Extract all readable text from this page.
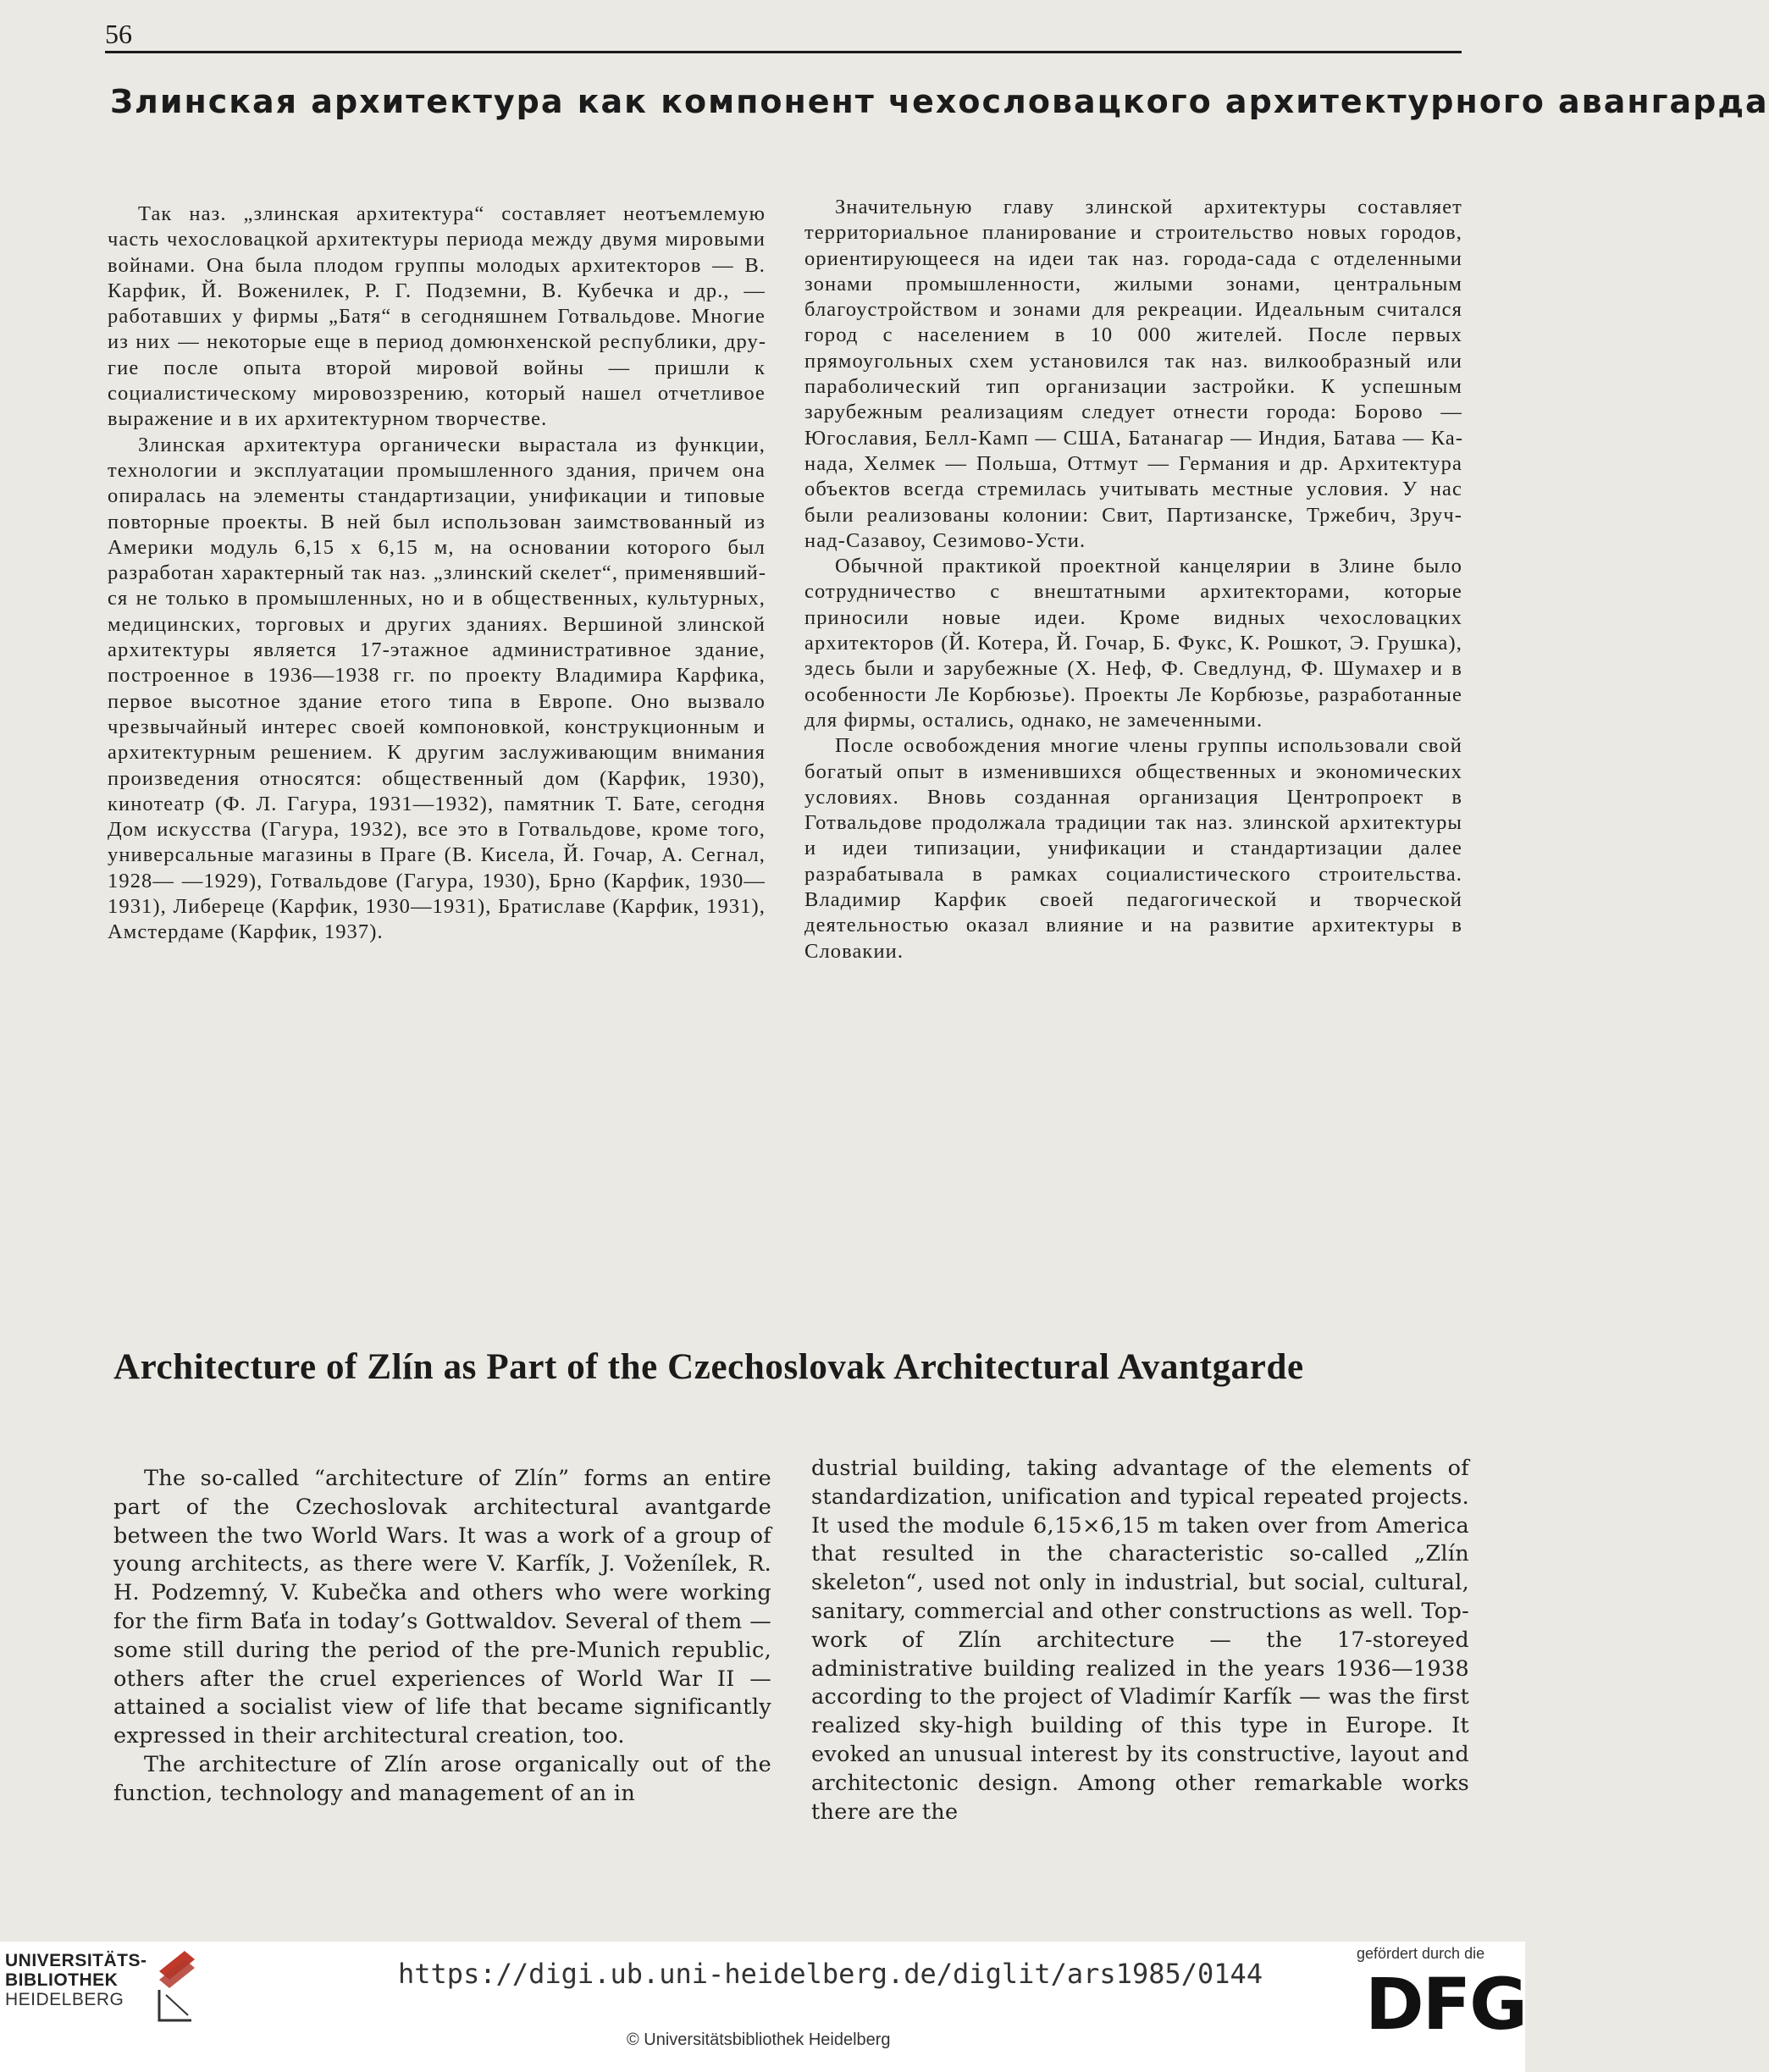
56
Злинская архитектура как компонент чехословацкого архитектурного авангарда

Так наз. „злинская архитектура“ составляет неотъемлемую часть чехословацкой архитектуры периода между двумя мировыми войнами. Она была плодом группы молодых архитекторов — В. Карфик, Й. Воженилек, Р. Г. Подземни, В. Кубечка и др., — работавших у фирмы „Батя“ в сегодняшнем Готвальдове. Многие из них — некоторые еще в период домюнхенской республики, другие после опыта второй мировой войны — пришли к социалистическому мировоззрению, который нашел отчетливое выражение и в их архитектурном творчестве.

Злинская архитектура органически вырастала из функции, технологии и эксплуатации промышленного здания, причем она опиралась на элементы стандартизации, унификации и типовые повторные проекты. В ней был использован заимствованный из Америки модуль 6,15 x 6,15 м, на основании которого был разработан характерный так наз. „злинский скелет“, применявшийся не только в промышленных, но и в общественных, культурных, медицинских, торговых и других зданиях. Вершиной злинской архитектуры является 17-этажное административное здание, построенное в 1936—1938 гг. по проекту Владимира Карфика, первое высотное здание етого типа в Европе. Оно вызвало чрезвычайный интерес своей компоновкой, конструкционным и архитектурным решением. К другим заслуживающим внимания произведения относятся: общественный дом (Карфик, 1930), кинотеатр (Ф. Л. Гагура, 1931—1932), памятник Т. Бате, сегодня Дом искусства (Гагура, 1932), все это в Готвальдове, кроме того, универсальные магазины в Праге (В. Кисела, Й. Гочар, А. Сегнал, 1928— —1929), Готвальдове (Гагура, 1930), Брно (Карфик, 1930—1931), Либереце (Карфик, 1930—1931), Братиславе (Карфик, 1931), Амстердаме (Карфик, 1937).

Значительную главу злинской архитектуры составляет территориальное планирование и строительство новых городов, ориентирующееся на идеи так наз. города-сада с отделенными зонами промышленности, жилыми зонами, центральным благоустройством и зонами для рекреации. Идеальным считался город с населением в 10 000 жителей. После первых прямоугольных схем установился так наз. вилкообразный или параболический тип организации застройки. К успешным зарубежным реализациям следует отнести города: Борово — Югославия, Белл-Камп — США, Батанагар — Индия, Батава — Канада, Хелмек — Польша, Оттмут — Германия и др. Архитектура объектов всегда стремилась учитывать местные условия. У нас были реализованы колонии: Свит, Партизанске, Тржебич, Зруч-над-Сазавоу, Сезимово-Усти.

Обычной практикой проектной канцелярии в Злине было сотрудничество с внештатными архитекторами, которые приносили новые идеи. Кроме видных чехословацких архитекторов (Й. Котера, Й. Гочар, Б. Фукс, К. Рошкот, Э. Грушка), здесь были и зарубежные (Х. Неф, Ф. Сведлунд, Ф. Шумахер и в особенности Ле Корбюзье). Проекты Ле Корбюзье, разработанные для фирмы, остались, однако, не замеченными.

После освобождения многие члены группы использовали свой богатый опыт в изменившихся общественных и экономических условиях. Вновь созданная организация Центропроект в Готвальдове продолжала традиции так наз. злинской архитектуры и идеи типизации, унификации и стандартизации далее разрабатывала в рамках социалистического строительства. Владимир Карфик своей педагогической и творческой деятельностью оказал влияние и на развитие архитектуры в Словакии.

Architecture of Zlín as Part of the Czechoslovak Architectural Avantgarde

The so-called “architecture of Zlín” forms an entire part of the Czechoslovak architectural avantgarde between the two World Wars. It was a work of a group of young architects, as there were V. Karfík, J. Voženílek, R. H. Podzemný, V. Kubečka and others who were working for the firm Baťa in today’s Gottwaldov. Several of them — some still during the period of the pre-Munich republic, others after the cruel experiences of World War II — attained a socialist view of life that became significantly expressed in their architectural creation, too.

The architecture of Zlín arose organically out of the function, technology and management of an in

dustrial building, taking advantage of the elements of standardization, unification and typical repeated projects. It used the module 6,15×6,15 m taken over from America that resulted in the characteristic so-called „Zlín skeleton“, used not only in industrial, but social, cultural, sanitary, commercial and other constructions as well. Top-work of Zlín architecture — the 17-storeyed administrative building realized in the years 1936—1938 according to the project of Vladimír Karfík — was the first realized sky-high building of this type in Europe. It evoked an unusual interest by its constructive, layout and architectonic design. Among other remarkable works there are the

UNIVERSITÄTS-
BIBLIOTHEK
HEIDELBERG
https://digi.ub.uni-heidelberg.de/diglit/ars1985/0144
© Universitätsbibliothek Heidelberg
gefördert durch die
DFG
